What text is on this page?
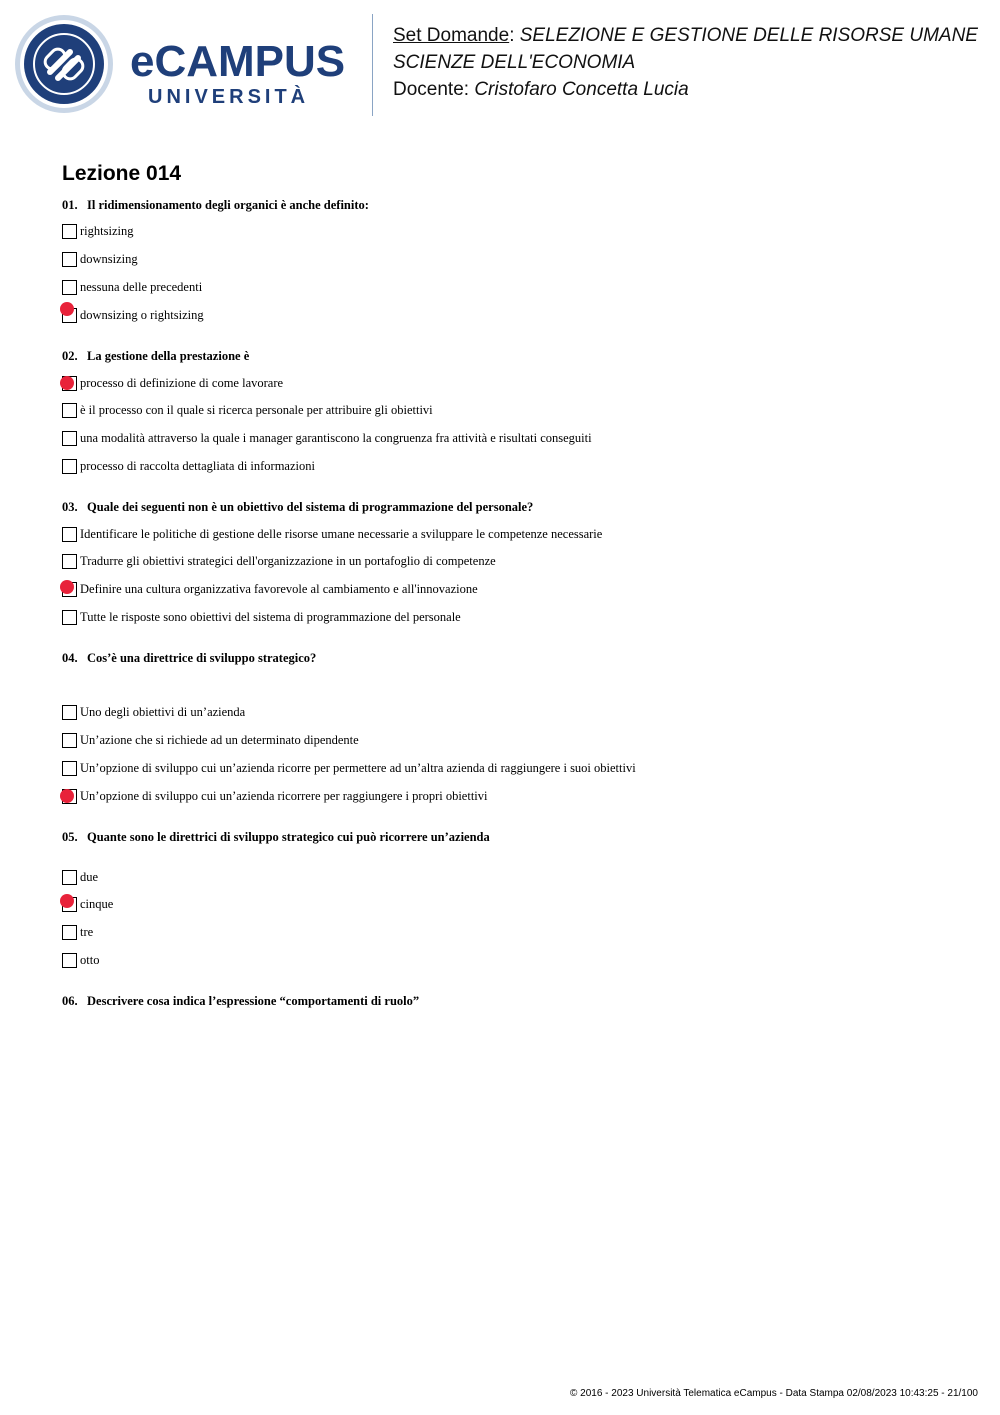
eCAMPUS
UNIVERSITÀ
Set Domande: SELEZIONE E GESTIONE DELLE RISORSE UMANE
SCIENZE DELL'ECONOMIA
Docente: Cristofaro Concetta Lucia
Lezione 014
01. Il ridimensionamento degli organici è anche definito:
rightsizing
downsizing
nessuna delle precedenti
downsizing o rightsizing
02. La gestione della prestazione è
processo di definizione di come lavorare
è il processo con il quale si ricerca personale per attribuire gli obiettivi
una modalità attraverso la quale i manager garantiscono la congruenza fra attività e risultati conseguiti
processo di raccolta dettagliata di informazioni
03. Quale dei seguenti non è un obiettivo del sistema di programmazione del personale?
Identificare le politiche di gestione delle risorse umane necessarie a sviluppare le competenze necessarie
Tradurre gli obiettivi strategici dell'organizzazione in un portafoglio di competenze
Definire una cultura organizzativa favorevole al cambiamento e all'innovazione
Tutte le risposte sono obiettivi del sistema di programmazione del personale
04. Cos’è una direttrice di sviluppo strategico?
Uno degli obiettivi di un’azienda
Un’azione che si richiede ad un determinato dipendente
Un’opzione di sviluppo cui un’azienda ricorre per permettere ad un’altra azienda di raggiungere i suoi obiettivi
Un’opzione di sviluppo cui un’azienda ricorrere per raggiungere i propri obiettivi
05. Quante sono le direttrici di sviluppo strategico cui può ricorrere un’azienda
due
cinque
tre
otto
06. Descrivere cosa indica l’espressione “comportamenti di ruolo”
© 2016 - 2023 Università Telematica eCampus - Data Stampa 02/08/2023 10:43:25 - 21/100
